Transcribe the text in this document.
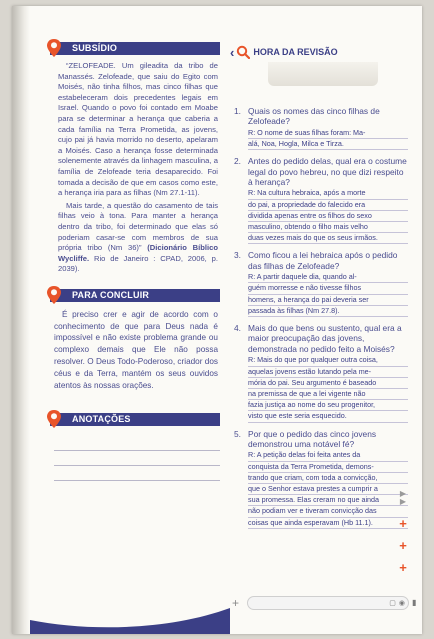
SUBSÍDIO

“ZELOFEADE. Um gileadita da tribo de Manassés. Zelofeade, que saiu do Egito com Moisés, não tinha filhos, mas cinco filhas que estabeleceram dois precedentes legais em Israel. Quando o povo foi contado em Moabe para se determinar a herança que caberia a cada família na Terra Prometida, as jovens, cujo pai já havia morrido no deserto, apelaram a Moisés. Caso a herança fosse determinada solenemente através da linhagem masculina, a família de Zelofeade teria desaparecido. Foi tomada a decisão de que em casos como este, a herança iria para as filhas (Nm 27.1-11).

Mais tarde, a questão do casamento de tais filhas veio à tona. Para manter a herança dentro da tribo, foi determinado que elas só poderiam casar-se com membros de sua própria tribo (Nm 36)” (Dicionário Bíblico Wycliffe. Rio de Janeiro : CPAD, 2006, p. 2039).

PARA CONCLUIR
É preciso crer e agir de acordo com o conhecimento de que para Deus nada é impossível e não existe problema grande ou complexo demais que Ele não possa resolver. O Deus Todo-Poderoso, criador dos céus e da Terra, mantém os seus ouvidos atentos às nossas orações.
ANOTAÇÕES
‹ HORA DA REVISÃO
1. Quais os nomes das cinco filhas de Zelofeade?
R: O nome de suas filhas foram: Ma-
alá, Noa, Hogla, Milca e Tirza.
2. Antes do pedido delas, qual era o costume legal do povo hebreu, no que dizi respeito à herança?
R: Na cultura hebraica, após a morte
do pai, a propriedade do falecido era
dividida apenas entre os filhos do sexo
masculino, obtendo o filho mais velho
duas vezes mais do que os seus irmãos.
3. Como ficou a lei hebraica após o pedido das filhas de Zelofeade?
R: A partir daquele dia, quando al-
guém morresse e não tivesse filhos
homens, a herança do pai deveria ser
passada às filhas (Nm 27.8).
4. Mais do que bens ou sustento, qual era a maior preocupação das jovens, demonstrada no pedido feito a Moisés?
R: Mais do que por qualquer outra coisa,
aquelas jovens estão lutando pela me-
mória do pai. Seu argumento é baseado
na premissa de que a lei vigente não
fazia justiça ao nome do seu progenitor,
visto que este seria esquecido.
5. Por que o pedido das cinco jovens demonstrou uma notável fé?
R: A petição delas foi feita antes da
conquista da Terra Prometida, demons-
trando que criam, com toda a convicção,
que o Senhor estava prestes a cumprir a
sua promessa. Elas creram no que ainda
não podiam ver e tiveram convicção das
coisas que ainda esperavam (Hb 11.1).
▶
▶
+
+
+
+	▢ ◉ ▮
